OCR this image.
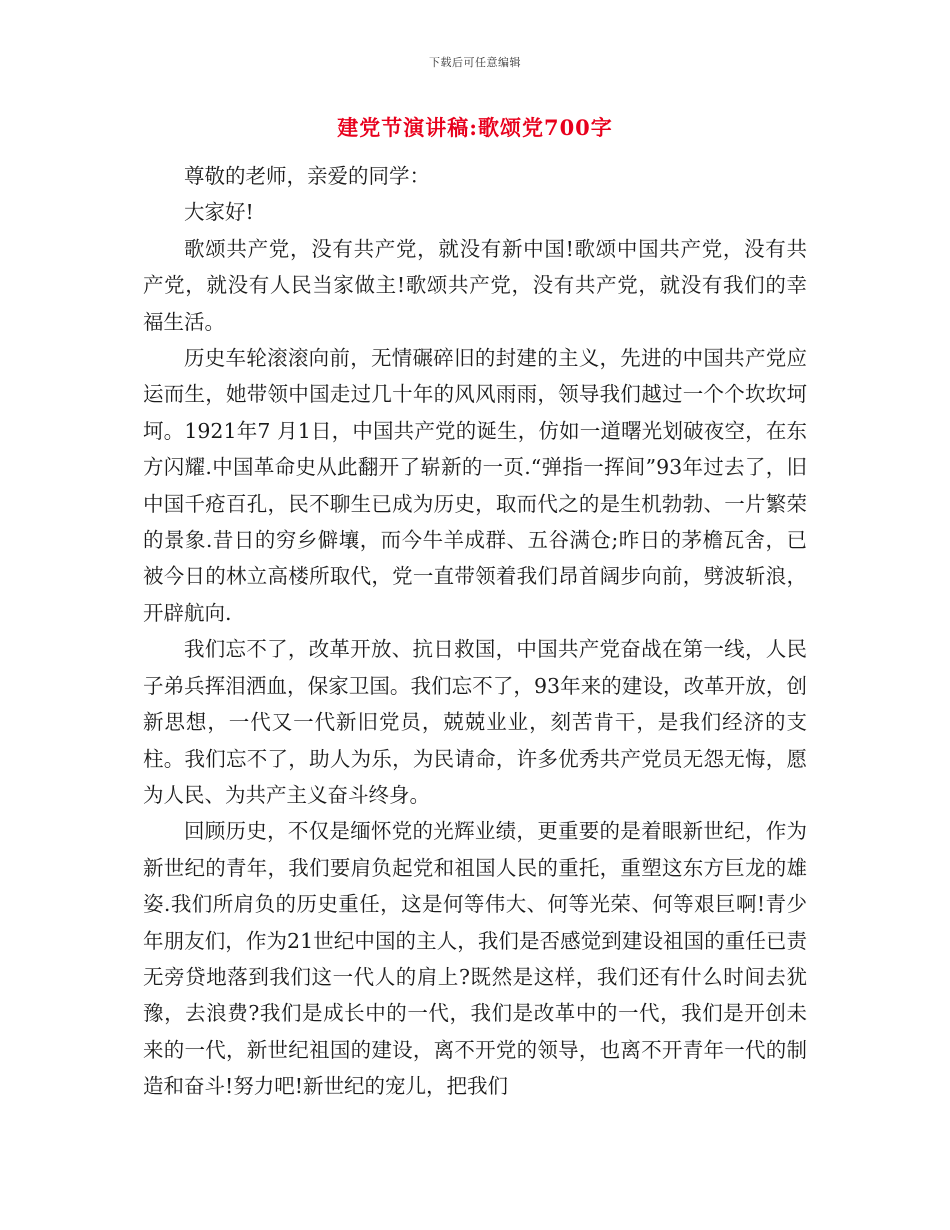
下载后可任意编辑
建党节演讲稿:歌颂党700字

尊敬的老师，亲爱的同学：

大家好!

歌颂共产党，没有共产党，就没有新中国!歌颂中国共产党，没有共产党，就没有人民当家做主!歌颂共产党，没有共产党，就没有我们的幸福生活。

历史车轮滚滚向前，无情碾碎旧的封建的主义，先进的中国共产党应运而生，她带领中国走过几十年的风风雨雨，领导我们越过一个个坎坎坷坷。1921年7 月1日，中国共产党的诞生，仿如一道曙光划破夜空，在东方闪耀.中国革命史从此翻开了崭新的一页.“弹指一挥间”93年过去了，旧中国千疮百孔，民不聊生已成为历史，取而代之的是生机勃勃、一片繁荣的景象.昔日的穷乡僻壤，而今牛羊成群、五谷满仓;昨日的茅檐瓦舍，已被今日的林立高楼所取代，党一直带领着我们昂首阔步向前，劈波斩浪，开辟航向.

我们忘不了，改革开放、抗日救国，中国共产党奋战在第一线，人民子弟兵挥泪洒血，保家卫国。我们忘不了，93年来的建设，改革开放，创新思想，一代又一代新旧党员，兢兢业业，刻苦肯干，是我们经济的支柱。我们忘不了，助人为乐，为民请命，许多优秀共产党员无怨无悔，愿为人民、为共产主义奋斗终身。

回顾历史，不仅是缅怀党的光辉业绩，更重要的是着眼新世纪，作为新世纪的青年，我们要肩负起党和祖国人民的重托，重塑这东方巨龙的雄姿.我们所肩负的历史重任，这是何等伟大、何等光荣、何等艰巨啊!青少年朋友们，作为21世纪中国的主人，我们是否感觉到建设祖国的重任已责无旁贷地落到我们这一代人的肩上?既然是这样，我们还有什么时间去犹豫，去浪费?我们是成长中的一代，我们是改革中的一代，我们是开创未来的一代，新世纪祖国的建设，离不开党的领导，也离不开青年一代的制造和奋斗!努力吧!新世纪的宠儿，把我们
